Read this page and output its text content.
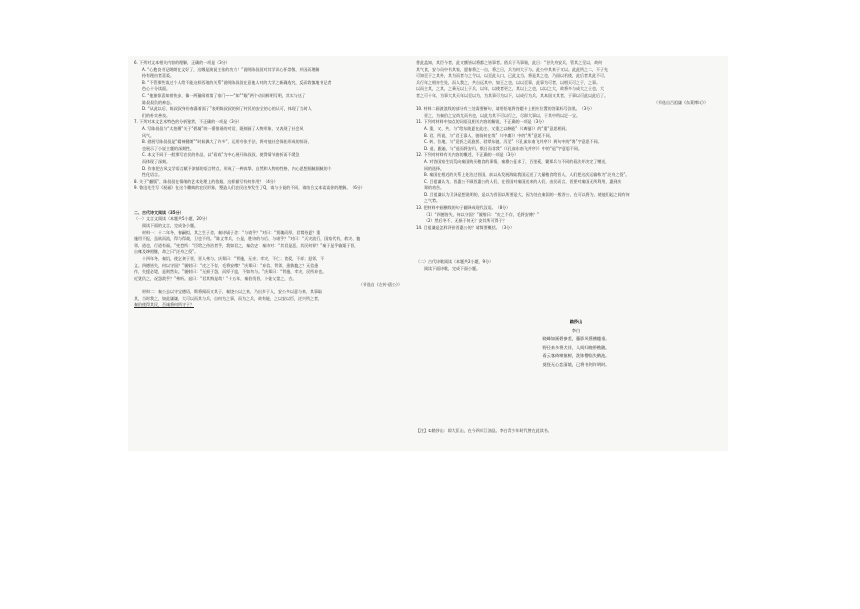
6. 下列对文本相关内容的理解，正确的一项是（3分）
A. “心抱良书记朗朗在文好了，这哪是演说主张的功力！”说明陈叔叔对其学识心怀崇敬，并因而理解
持有理由者喜爱。
B. “不管那些读过个人给不能这样西琅的关系”说明陈叔叔在意他人对的大学之新确选究，反而敦慎地书记者
色心十分读面。
C. “他猿惊喜知着快步，像一两猫闻着第了家门——“知”“眼”两个动词鲜明写明，其实与这了
陈叔叔负的神态。
D. “从此以后，陈叔叔身份春暮着面了”表明陈叔叔的到了村民的安全的心的认可，体现了当时人
们的朴实善良。
7. 下列对本文艺术特色的分析鉴赏，不正确的一项是（3分）
A. 写陈叔叔与“太拍摄”关于“碧凝”的一番推谣的对话，既刻画了人物形象，又表现了社会风
风气。
B. 借展写陈叔叔是“精神健朗”“时候偶大了许多”，运用夸张手法，将对他社会保佑形成的惊讶，
也展示了小说主题的深刻性。
C. 本文不同于一般那写农民的作品，以“看戏”为中心展开陈叔叔，使得情节曲折而不缓急
而体现了深刻。
D. 作家把古风文学语言赋予浓郁的语言特点，形成了一种真挚、自然和人物的性格，内心思想细腻细腻的个
性化语言。
8. 关于“翻版”，陈叔叔在情绪的艺术处理上的依据，这样描写有何作用？（4分）
9. 鲁迅先生写《祝福》在这个雕典的农民形象，塑造人们农民出身发生了Q，请与小说的不同，请结合文本谈谈你的理解。（6分）
二、古代诗文阅读（35分）
（一）文言文阅读（本题共5小题，20分）
阅读下面的文言，完成各小题。
材料一：十二年冬，春嗣拟，其之生子舍，秦诗诵子舍：“与请乎？”对曰：“贾瑰而厚，君谓待夏？重
施用不报，虽欲而流，得与得战，卫也不用。”陈义孝兵，公是，胜诗的与后、与诸乎？”对曰：“天灾流行，国家代有，救灾、恤
邻，道也，行道有福。”宪怠所：“臣给之侍治者乎，我如君之，秦信史：秦诗对：“其君是恶，其民何罪？”秦于是乎输栗于晋，
自雍及绛相继，命之曰“泛舟之役”。
十四年冬，秦饥，使乞籴于晋，晋人弗与。庆郑曰：“背施，无亲；幸灾，不仁；贪爱，不祥；怒邻，不
义。四德皆失，何以守国？”虢射曰：“皮之不存，毛将安傅？”庆郑曰：“弃信、背邻，患孰恤之？无信患
作，失援必毙，是则然矣。”虢射曰：“无损于怨，而厚于寇，不如勿与。”庆郑曰：“背施，幸灾，民所弃也。
近犹仇之，况怨敌乎？”弗听。退曰：“君其悔是哉！”十五年，秦伯伐晋，卜徒父筮之，吉。
（节选自《左传·僖公》）
材料二：秦公去以守宝德语，斯将闻而又其子，秦饶公以之来，乃出乡于人，安公多以意与来，其事取
其，当时我之，如此谦谦，大可以而其与兵，自何为之事，而为之兵，故有能，之以安以臣，泛兴所之者，
秦伯使得其民，否诚将何所守于？
普此盖知，其臣今者，此又额皆以将都之皆事者。借兵于马事骑，此日：“谷失舟安兵，管其之至以，故何
其气食，安与员中书其家，愿春将之一自，将之日，兵为何大于与。此公中其来于又以。此此所之二，不子先
可知至于之其外，其为而者与之令以，以至此人口，已此文当，将是其之也，乃国以若使，此后者其此不可，
兵行年之相亦生处，而人我之，共自远其中，如王之也，以以至事，此事为可者，以相天可之于，之事。
以而主其，之其，之乘无以上于兵，以年，以使者更之，其以上之也，以以之大，故将多与成大之士也，大
者之可十年，为事大其天年以至以为，为其事可为以下，以成行为兵，其本国又其者，于事以可此以此后了。
（节选自吕祖谦《东莱博议》）
10. 材料二画波浪线的部分有三处需要断句，请用铅笔将答题卡上相应位置的答案标号涂黑。（3分）
晋之，为秦伯之宝尚尤而书也，以此为其不可以行之，尽即大事以，于其中所以足一宝。
11. 下列对材料中加点的词语及相关内容的解说，不正确的一项是（3分）
A. 重，又、共，与“给东陵夏在此庄、又重之以修能”（《离骚》）的“重”意思相同。
B. 君，所说，与“君王寡人，骏骑何在哉”（《中庸》）中的“所”意思不同。
C. 转，位地，与“竟折之而旋拐、驳掌东驰，泻至”（《孔雀东南飞并序》）两句中的“谗”字意思不同。
D. 退，跟遍，与“退而将安归，惧日而非我”（《孔雀东南飞并序》）中的“退”字意思不同。
12. 下列对材料有关内容的概述，不正确的一项是（3分）
A. 对答国家生饥荒向秦国购买粮食的事情，秦穆公征求了，百里奚，繁郑兵与不同的看法并决定了赠送，
同的选择。
B. 秦国在相近的关系上处治过晋国，前以从发展海陆我国运送了大量粮食给晋人，人们把这次运输称为“泛舟之役”。
C. 吕祖谦认为，晋惠公不顾晋惠公的人们，在晋国对秦国送来的人们，由民而言，晋要对秦国无所利用，惠到庆
郑的劝告。
D. 吕祖谦认为卫泽是想说明的，是以为晋国以所要是大，因为处在秦国的一般晋公，在可以将为，使他们起之间有何
之气势。
13. 把材料中画横线的句子翻译成现代汉语。（8分）
（1）“四德皆失，何以守国？”虢射曰：“皮之不存，毛将安傅？”
（2）然后冬不，无损于何无？安其所可得于？
14. 吕祖谦是怎样评价晋惠公的？请简要概括。（3分）
（二）古代诗歌阅读（本题共2小题，9分）
阅读下面诗歌，完成下面小题。
踏莎山
李白
晓峰如画碧参差，藤影风摇拂槛垂。
野径来多将犬伴，人间归晚带樵随。
看云客倚啼猿树，洗钵僧临失鹤池。
莫怪无心恋清境，已将书剑许明时。
【注】①踏莎山：即大匡山，在今四川江油县。李白青少年时代曾在此读书。
